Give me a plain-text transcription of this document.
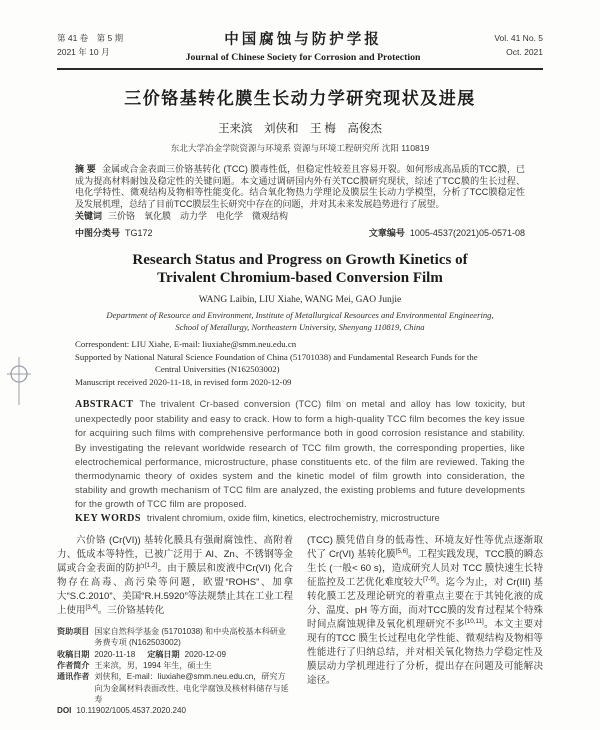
第 41 卷　第 5 期
2021 年 10 月
中国腐蚀与防护学报
Journal of Chinese Society for Corrosion and Protection
Vol. 41 No. 5
Oct. 2021
三价铬基转化膜生长动力学研究现状及进展
王来滨　刘侠和　王 梅　高俊杰
东北大学冶金学院资源与环境系 资源与环境工程研究所 沈阳 110819

摘 要 金属或合金表面三价铬基转化 (TCC) 膜毒性低，但稳定性较差且容易开裂。如何形成高品质的TCC膜，已成为提高材料耐蚀及稳定性的关键问题。本文通过调研国内外有关TCC膜研究现状，综述了TCC膜的生长过程、电化学特性、微观结构及物相等性能变化。结合氧化物热力学理论及膜层生长动力学模型，分析了TCC膜稳定性及发展机理，总结了目前TCC膜层生长研究中存在的问题，并对其未来发展趋势进行了展望。

关键词 三价铬　氧化膜　动力学　电化学　微观结构

中图分类号 TG172	文章编号 1005-4537(2021)05-0571-08
Research Status and Progress on Growth Kinetics of
Trivalent Chromium-based Conversion Film
WANG Laibin, LIU Xiahe, WANG Mei, GAO Junjie
Department of Resource and Environment, Institute of Metallurgical Resources and Environmental Engineering,
School of Metallurgy, Northeastern University, Shenyang 110819, China
Correspondent: LIU Xiahe, E-mail: liuxiahe@smm.neu.edu.cn
Supported by National Natural Science Foundation of China (51701038) and Fundamental Research Funds for the
Central Universities (N162503002)
Manuscript received 2020-11-18, in revised form 2020-12-09

ABSTRACT The trivalent Cr-based conversion (TCC) film on metal and alloy has low toxicity, but unexpectedly poor stability and easy to crack. How to form a high-quality TCC film becomes the key issue for acquiring such films with comprehensive performance both in good corrosion resistance and stability. By investigating the relevant worldwide research of TCC film growth, the corresponding properties, like electrochemical performance, microstructure, phase constituents etc. of the film are reviewed. Taking the thermodynamic theory of oxides system and the kinetic model of film growth into consideration, the stability and growth mechanism of TCC film are analyzed, the existing problems and future developments for the growth of TCC film are proposed.

KEY WORDS trivalent chromium, oxide film, kinetics, electrochemistry, microstructure

六价铬 (Cr(VI)) 基转化膜具有强耐腐蚀性、高附着力、低成本等特性，已被广泛用于 Al、Zn、不锈钢等金属或合金表面的防护[1,2]。由于膜层和废液中Cr(VI) 化合物存在高毒、高污染等问题，欧盟“ROHS”、加拿大“S.C.2010”、美国“R.H.5920”等法规禁止其在工业工程上使用[3,4]。三价铬基转化

资助项目 国家自然科学基金 (51701038) 和中央高校基本科研业务费专项 (N162503002)
收稿日期 2020-11-18 定稿日期 2020-12-09
作者简介 王来滨，男，1994 年生，硕士生
通讯作者 刘侠和，E-mail：liuxiahe@smm.neu.edu.cn，研究方向为金属材料表面改性、电化学腐蚀及核材料储存与延寿
DOI 10.11902/1005.4537.2020.240

(TCC) 膜凭借自身的低毒性、环境友好性等优点逐渐取代了 Cr(VI) 基转化膜[5,6]。工程实践发现，TCC膜的瞬态生长 (一般< 60 s)，造成研究人员对 TCC 膜快速生长特征监控及工艺优化难度较大[7-9]。迄今为止，对 Cr(III) 基转化膜工艺及理论研究的着重点主要在于其钝化液的成分、温度、pH 等方面，而对TCC膜的发育过程某个特殊时间点腐蚀规律及氧化机理研究不多[10,11]。本文主要对现有的TCC 膜生长过程电化学性能、微观结构及物相等性能进行了归纳总结，并对相关氧化物热力学稳定性及膜层动力学机理进行了分析，提出存在问题及可能解决途径。
